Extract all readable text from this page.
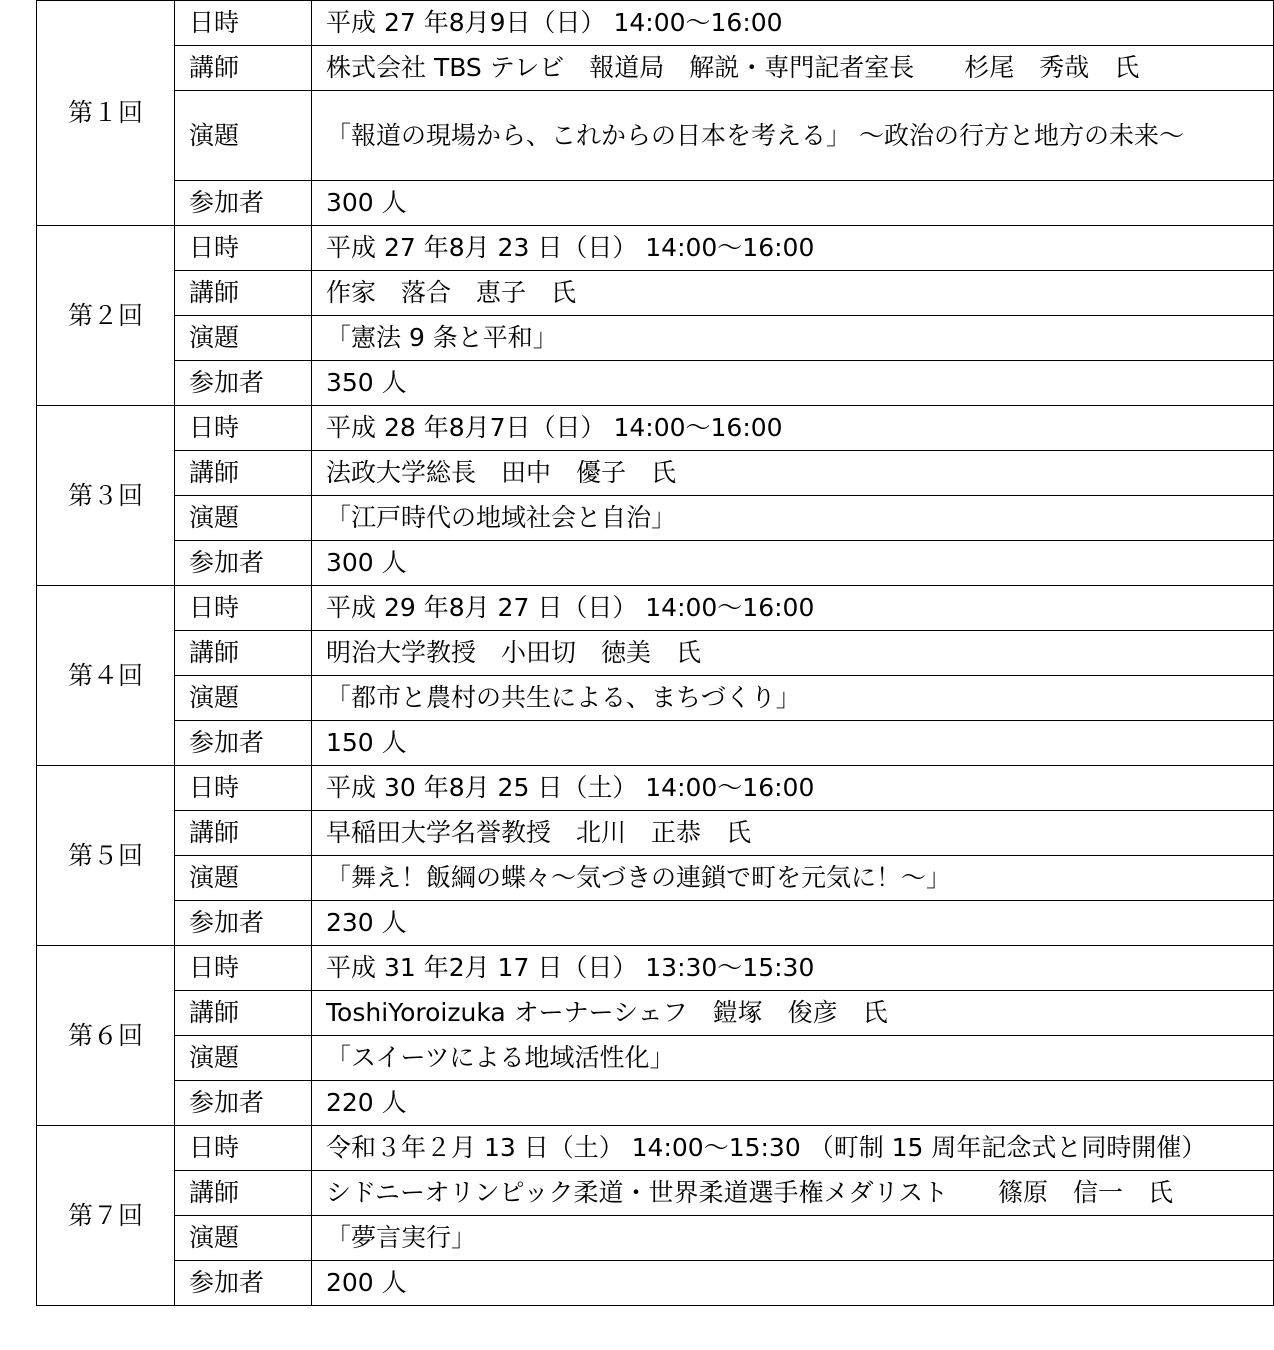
第１回	日時	平成 27 年8月9日（日） 14:00～16:00
	講師	株式会社 TBS テレビ　報道局　解説・専門記者室長　　杉尾　秀哉　氏
	演題	「報道の現場から、これからの日本を考える」 ～政治の行方と地方の未来～
	参加者	300 人
第２回	日時	平成 27 年8月 23 日（日） 14:00～16:00
	講師	作家　落合　恵子　氏
	演題	「憲法 9 条と平和」
	参加者	350 人
第３回	日時	平成 28 年8月7日（日） 14:00～16:00
	講師	法政大学総長　田中　優子　氏
	演題	「江戸時代の地域社会と自治」
	参加者	300 人
第４回	日時	平成 29 年8月 27 日（日） 14:00～16:00
	講師	明治大学教授　小田切　徳美　氏
	演題	「都市と農村の共生による、まちづくり」
	参加者	150 人
第５回	日時	平成 30 年8月 25 日（土） 14:00～16:00
	講師	早稲田大学名誉教授　北川　正恭　氏
	演題	「舞え！飯綱の蝶々～気づきの連鎖で町を元気に！～」
	参加者	230 人
第６回	日時	平成 31 年2月 17 日（日） 13:30～15:30
	講師	ToshiYoroizuka オーナーシェフ　鎧塚　俊彦　氏
	演題	「スイーツによる地域活性化」
	参加者	220 人
第７回	日時	令和３年２月 13 日（土） 14:00～15:30 （町制 15 周年記念式と同時開催）
	講師	シドニーオリンピック柔道・世界柔道選手権メダリスト　　篠原　信一　氏
	演題	「夢言実行」
	参加者	200 人
